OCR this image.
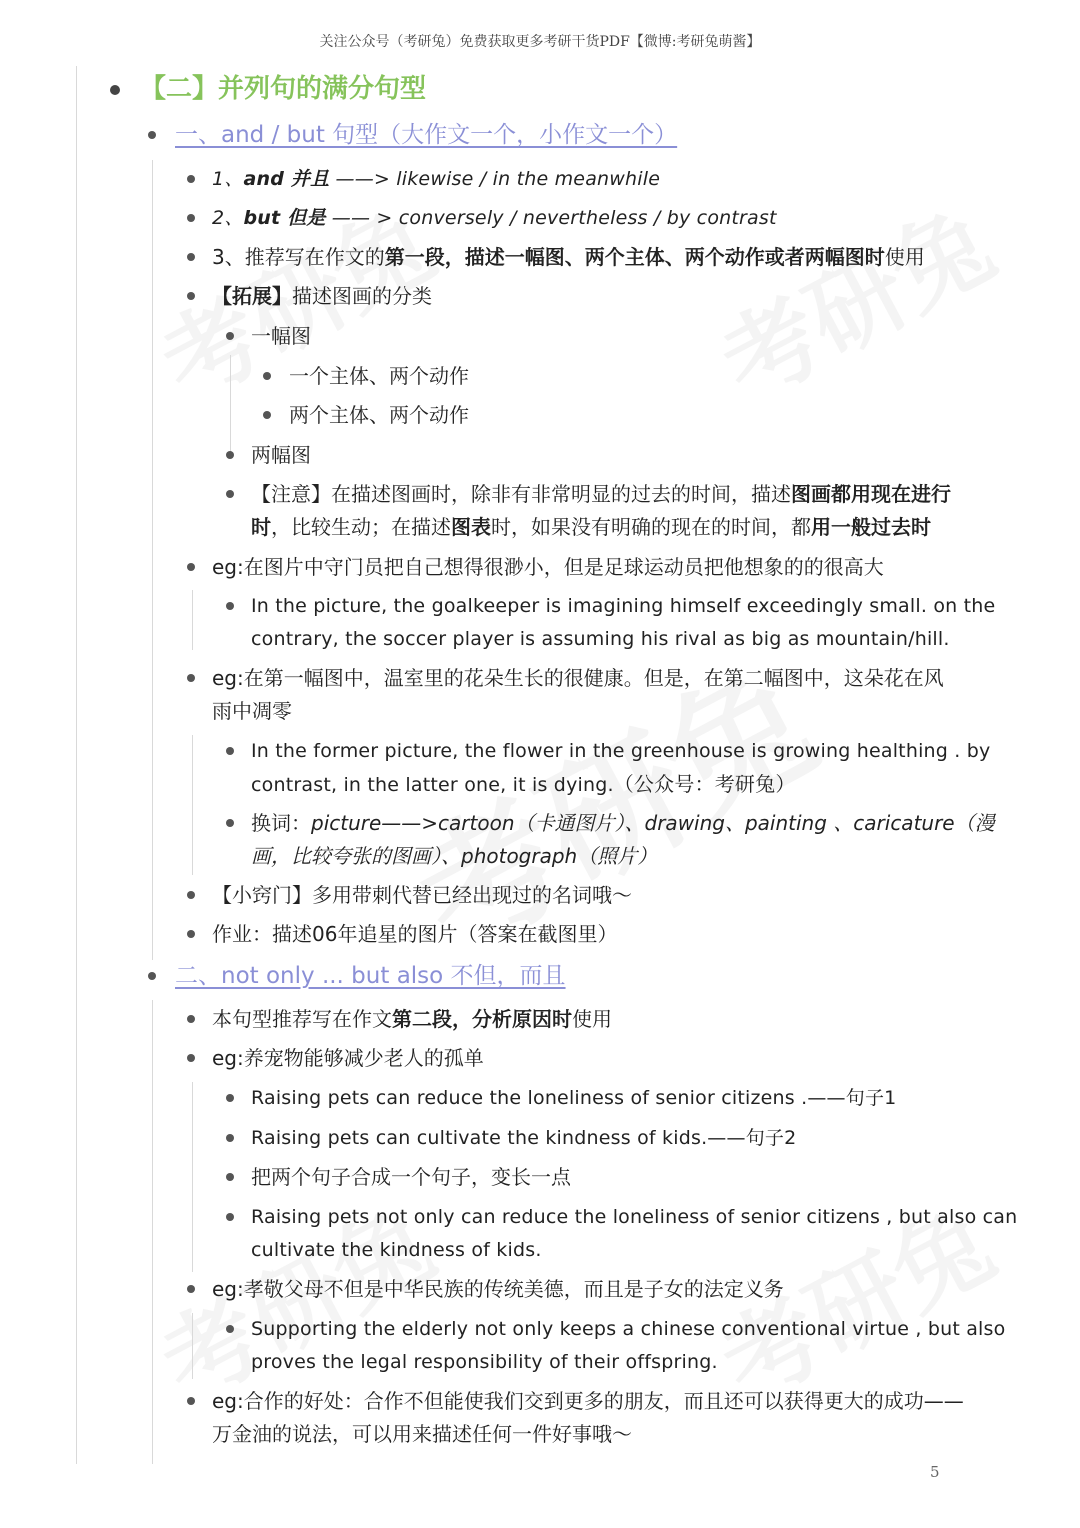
关注公众号（考研兔）免费获取更多考研干货PDF【微博:考研兔萌酱】
【二】并列句的满分句型
一、and / but 句型（大作文一个，小作文一个）
1、and 并且 ——> likewise / in the meanwhile
2、but 但是 —— > conversely / nevertheless / by contrast
3、推荐写在作文的第一段，描述一幅图、两个主体、两个动作或者两幅图时使用
【拓展】描述图画的分类
一幅图
一个主体、两个动作
两个主体、两个动作
两幅图
【注意】在描述图画时，除非有非常明显的过去的时间，描述图画都用现在进行
时，比较生动；在描述图表时，如果没有明确的现在的时间，都用一般过去时
eg:在图片中守门员把自己想得很渺小，但是足球运动员把他想象的的很高大
In the picture, the goalkeeper is imagining himself exceedingly small. on the
contrary, the soccer player is assuming his rival as big as mountain/hill.
eg:在第一幅图中，温室里的花朵生长的很健康。但是，在第二幅图中，这朵花在风
雨中凋零
In the former picture, the flower in the greenhouse is growing healthing . by
contrast, in the latter one, it is dying.（公众号：考研兔）
换词：picture——>cartoon（卡通图片）、drawing、painting 、caricature（漫
画，比较夸张的图画）、photograph（照片）
【小窍门】多用带刺代替已经出现过的名词哦～
作业：描述06年追星的图片（答案在截图里）
二、not only ... but also 不但，而且
本句型推荐写在作文第二段，分析原因时使用
eg:养宠物能够减少老人的孤单
Raising pets can reduce the loneliness of senior citizens .——句子1
Raising pets can cultivate the kindness of kids.——句子2
把两个句子合成一个句子，变长一点
Raising pets not only can reduce the loneliness of senior citizens , but also can
cultivate the kindness of kids.
eg:孝敬父母不但是中华民族的传统美德，而且是子女的法定义务
Supporting the elderly not only keeps a chinese conventional virtue , but also
proves the legal responsibility of their offspring.
eg:合作的好处：合作不但能使我们交到更多的朋友，而且还可以获得更大的成功——
万金油的说法，可以用来描述任何一件好事哦～
5
